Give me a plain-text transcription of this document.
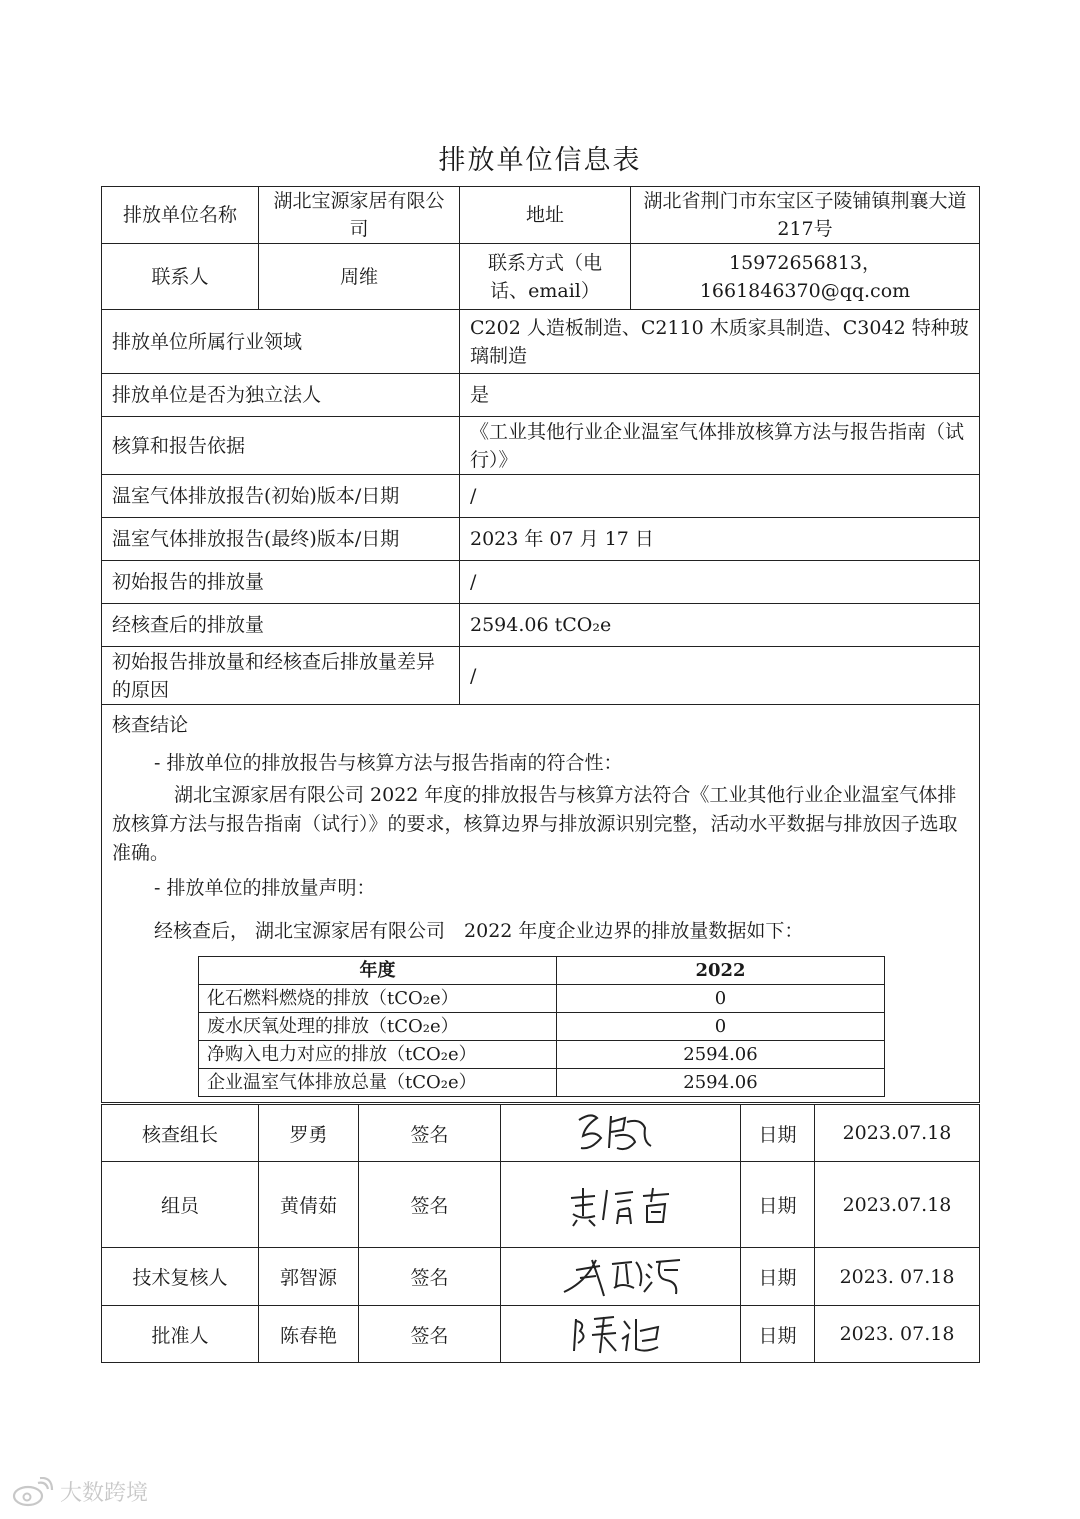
排放单位信息表
排放单位名称	湖北宝源家居有限公司	地址	湖北省荆门市东宝区子陵铺镇荆襄大道217号
联系人	周维	联系方式（电话、email）	15972656813，1661846370@qq.com
排放单位所属行业领域	C202 人造板制造、C2110 木质家具制造、C3042 特种玻璃制造
排放单位是否为独立法人	是
核算和报告依据	《工业其他行业企业温室气体排放核算方法与报告指南（试行）》
温室气体排放报告(初始)版本/日期	/
温室气体排放报告(最终)版本/日期	2023 年 07 月 17 日
初始报告的排放量	/
经核查后的排放量	2594.06 tCO₂e
初始报告排放量和经核查后排放量差异的原因	/

核查结论
- 排放单位的排放报告与核算方法与报告指南的符合性：
湖北宝源家居有限公司 2022 年度的排放报告与核算方法符合《工业其他行业企业温室气体排放核算方法与报告指南（试行）》的要求，核算边界与排放源识别完整，活动水平数据与排放因子选取准确。
- 排放单位的排放量声明：
经核查后， 湖北宝源家居有限公司　2022 年度企业边界的排放量数据如下：
年度	2022
化石燃料燃烧的排放（tCO₂e）	0
废水厌氧处理的排放（tCO₂e）	0
净购入电力对应的排放（tCO₂e）	2594.06
企业温室气体排放总量（tCO₂e）	2594.06
核查组长	罗勇	签名		日期	2023.07.18
组员	黄倩茹	签名		日期	2023.07.18
技术复核人	郭智源	签名		日期	2023. 07.18
批准人	陈春艳	签名		日期	2023. 07.18
大数跨境
